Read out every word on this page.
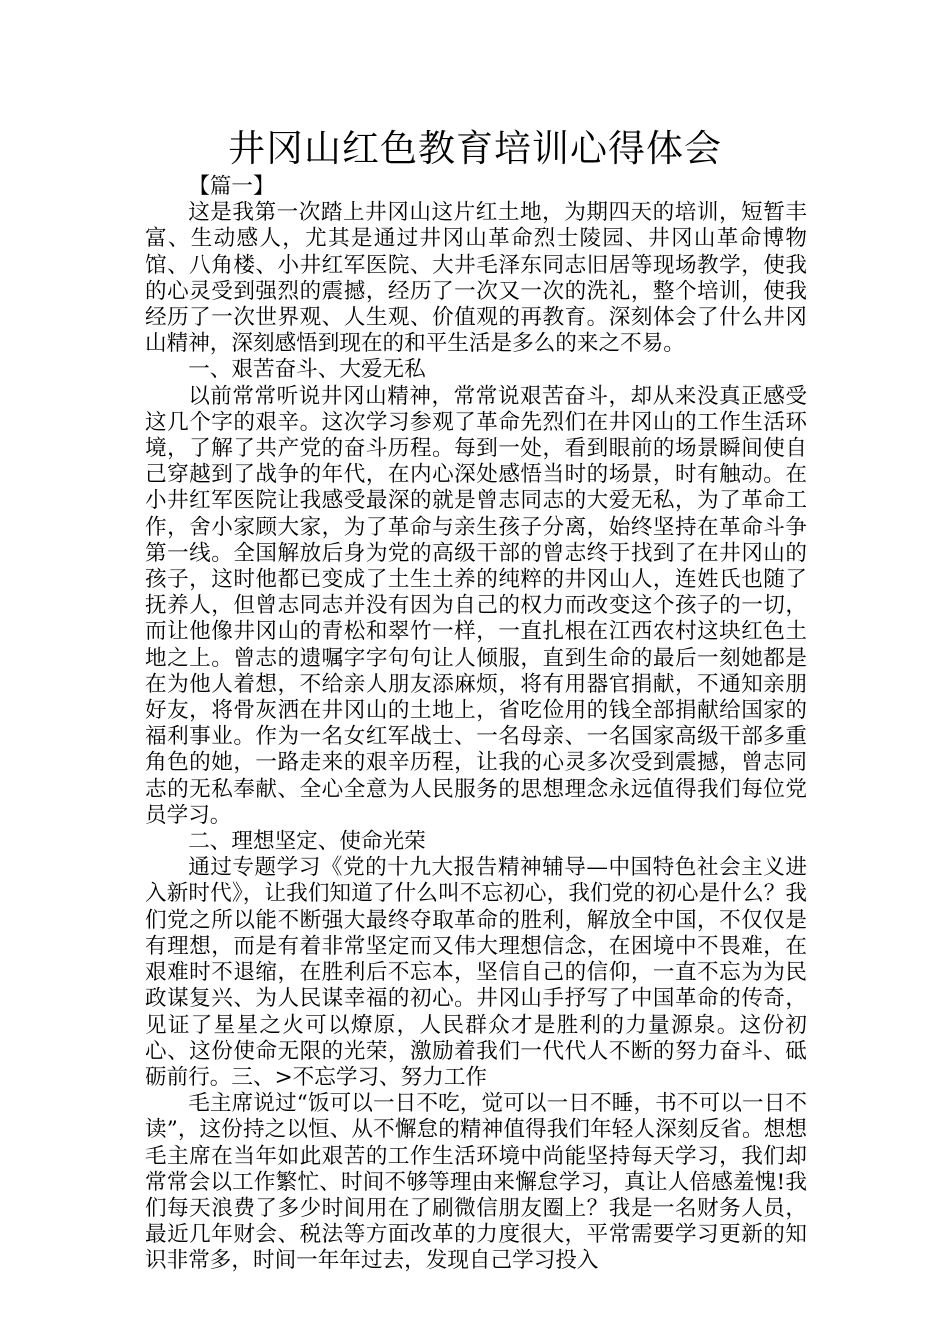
井冈山红色教育培训心得体会

【篇一】

这是我第一次踏上井冈山这片红土地，为期四天的培训，短暂丰富、生动感人，尤其是通过井冈山革命烈士陵园、井冈山革命博物馆、八角楼、小井红军医院、大井毛泽东同志旧居等现场教学，使我的心灵受到强烈的震撼，经历了一次又一次的洗礼，整个培训，使我经历了一次世界观、人生观、价值观的再教育。深刻体会了什么井冈山精神，深刻感悟到现在的和平生活是多么的来之不易。

一、艰苦奋斗、大爱无私

以前常常听说井冈山精神，常常说艰苦奋斗，却从来没真正感受这几个字的艰辛。这次学习参观了革命先烈们在井冈山的工作生活环境，了解了共产党的奋斗历程。每到一处，看到眼前的场景瞬间使自己穿越到了战争的年代，在内心深处感悟当时的场景，时有触动。在小井红军医院让我感受最深的就是曾志同志的大爱无私，为了革命工作，舍小家顾大家，为了革命与亲生孩子分离，始终坚持在革命斗争第一线。全国解放后身为党的高级干部的曾志终于找到了在井冈山的孩子，这时他都已变成了土生土养的纯粹的井冈山人，连姓氏也随了抚养人，但曾志同志并没有因为自己的权力而改变这个孩子的一切，而让他像井冈山的青松和翠竹一样，一直扎根在江西农村这块红色土地之上。曾志的遗嘱字字句句让人倾服，直到生命的最后一刻她都是在为他人着想，不给亲人朋友添麻烦，将有用器官捐献，不通知亲朋好友，将骨灰洒在井冈山的土地上，省吃俭用的钱全部捐献给国家的福利事业。作为一名女红军战士、一名母亲、一名国家高级干部多重角色的她，一路走来的艰辛历程，让我的心灵多次受到震撼，曾志同志的无私奉献、全心全意为人民服务的思想理念永远值得我们每位党员学习。

二、理想坚定、使命光荣

通过专题学习《党的十九大报告精神辅导—中国特色社会主义进入新时代》，让我们知道了什么叫不忘初心，我们党的初心是什么？我们党之所以能不断强大最终夺取革命的胜利，解放全中国，不仅仅是有理想，而是有着非常坚定而又伟大理想信念，在困境中不畏难，在艰难时不退缩，在胜利后不忘本，坚信自己的信仰，一直不忘为为民政谋复兴、为人民谋幸福的初心。井冈山手抒写了中国革命的传奇，见证了星星之火可以燎原，人民群众才是胜利的力量源泉。这份初心、这份使命无限的光荣，激励着我们一代代人不断的努力奋斗、砥砺前行。三、>不忘学习、努力工作

毛主席说过“饭可以一日不吃，觉可以一日不睡，书不可以一日不读”，这份持之以恒、从不懈怠的精神值得我们年轻人深刻反省。想想毛主席在当年如此艰苦的工作生活环境中尚能坚持每天学习，我们却常常会以工作繁忙、时间不够等理由来懈怠学习，真让人倍感羞愧!我们每天浪费了多少时间用在了刷微信朋友圈上？我是一名财务人员，最近几年财会、税法等方面改革的力度很大，平常需要学习更新的知识非常多，时间一年年过去，发现自己学习投入
